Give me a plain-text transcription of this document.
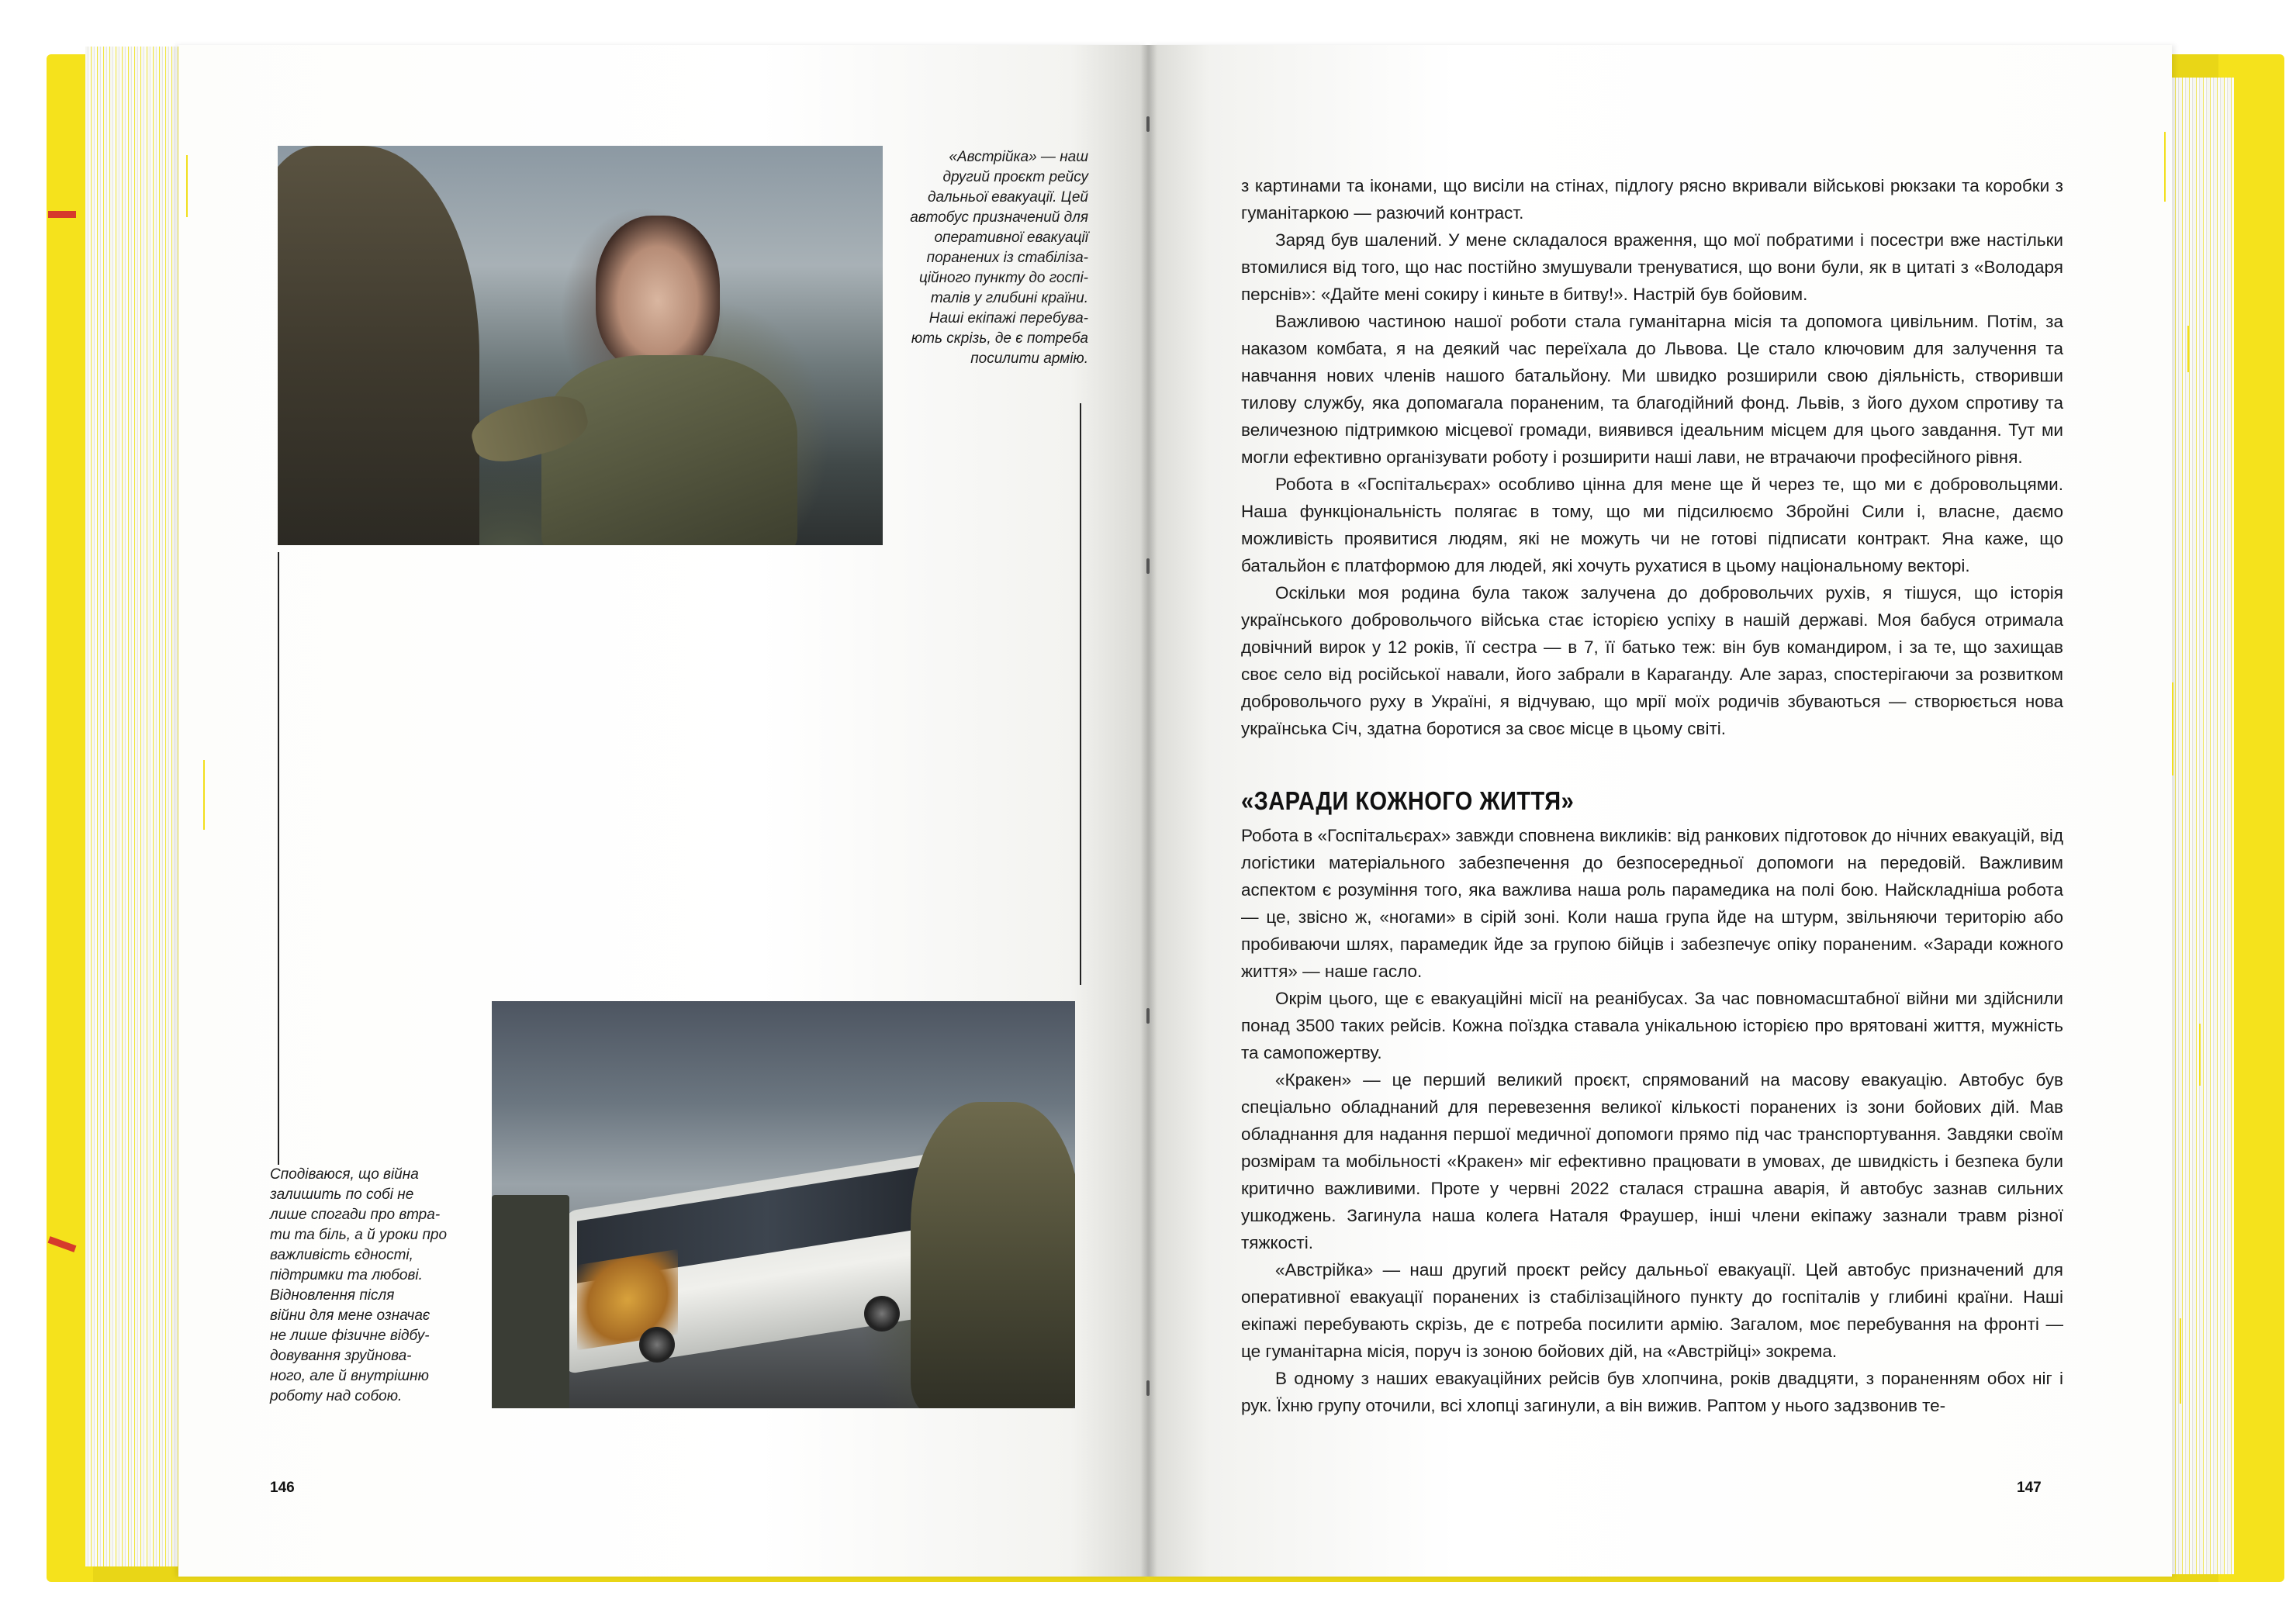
«Австрійка» — наш
другий проєкт рейсу
дальньої евакуації. Цей
автобус призначений для
оперативної евакуації
поранених із стабіліза-
ційного пункту до госпі-
талів у глибині країни.
Наші екіпажі перебува-
ють скрізь, де є потреба
посилити армію.
Сподіваюся, що війна
залишить по собі не
лише спогади про втра-
ти та біль, а й уроки про
важливість єдності,
підтримки та любові.
Відновлення після
війни для мене означає
не лише фізичне відбу-
довування зруйнова-
ного, але й внутрішню
роботу над собою.
146	147

з картинами та іконами, що висіли на стінах, підлогу рясно вкривали військові рюкзаки та коробки з гуманітаркою — разючий контраст.

Заряд був шалений. У мене складалося враження, що мої побратими і посестри вже настільки втомилися від того, що нас постійно змушували тренуватися, що вони були, як в цитаті з «Володаря перснів»: «Дайте мені сокиру і киньте в битву!». Настрій був бойовим.

Важливою частиною нашої роботи стала гуманітарна місія та допомога цивільним. Потім, за наказом комбата, я на деякий час переїхала до Львова. Це стало ключовим для залучення та навчання нових членів нашого батальйону. Ми швидко розширили свою діяльність, створивши тилову службу, яка допомагала пораненим, та благодійний фонд. Львів, з його духом спротиву та величезною підтримкою місцевої громади, виявився ідеальним місцем для цього завдання. Тут ми могли ефективно організувати роботу і розширити наші лави, не втрачаючи професійного рівня.

Робота в «Госпітальєрах» особливо цінна для мене ще й через те, що ми є добровольцями. Наша функціональність полягає в тому, що ми підсилюємо Збройні Сили і, власне, даємо можливість проявитися людям, які не можуть чи не готові підписати контракт. Яна каже, що батальйон є платформою для людей, які хочуть рухатися в цьому національному векторі.

Оскільки моя родина була також залучена до добровольчих рухів, я тішуся, що історія українського добровольчого війська стає історією успіху в нашій державі. Моя бабуся отримала довічний вирок у 12 років, її сестра — в 7, її батько теж: він був командиром, і за те, що захищав своє село від російської навали, його забрали в Караганду. Але зараз, спостерігаючи за розвитком добровольчого руху в Україні, я відчуваю, що мрії моїх родичів збуваються — створюється нова українська Січ, здатна боротися за своє місце в цьому світі.

«ЗАРАДИ КОЖНОГО ЖИТТЯ»

Робота в «Госпітальєрах» завжди сповнена викликів: від ранкових підготовок до нічних евакуацій, від логістики матеріального забезпечення до безпосередньої допомоги на передовій. Важливим аспектом є розуміння того, яка важлива наша роль парамедика на полі бою. Найскладніша робота — це, звісно ж, «ногами» в сірій зоні. Коли наша група йде на штурм, звільняючи територію або пробиваючи шлях, парамедик йде за групою бійців і забезпечує опіку пораненим. «Заради кожного життя» — наше гасло.

Окрім цього, ще є евакуаційні місії на реанібусах. За час повномасштабної війни ми здійснили понад 3500 таких рейсів. Кожна поїздка ставала унікальною історією про врятовані життя, мужність та самопожертву.

«Кракен» — це перший великий проєкт, спрямований на масову евакуацію. Автобус був спеціально обладнаний для перевезення великої кількості поранених із зони бойових дій. Мав обладнання для надання першої медичної допомоги прямо під час транспортування. Завдяки своїм розмірам та мобільності «Кракен» міг ефективно працювати в умовах, де швидкість і безпека були критично важливими. Проте у червні 2022 сталася страшна аварія, й автобус зазнав сильних ушкоджень. Загинула наша колега Наталя Фраушер, інші члени екіпажу зазнали травм різної тяжкості.

«Австрійка» — наш другий проєкт рейсу дальньої евакуації. Цей автобус призначений для оперативної евакуації поранених із стабілізаційного пункту до госпіталів у глибині країни. Наші екіпажі перебувають скрізь, де є потреба посилити армію. Загалом, моє перебування на фронті — це гуманітарна місія, поруч із зоною бойових дій, на «Австрійці» зокрема.

В одному з наших евакуаційних рейсів був хлопчина, років двадцяти, з пораненням обох ніг і рук. Їхню групу оточили, всі хлопці загинули, а він вижив. Раптом у нього задзвонив те-
